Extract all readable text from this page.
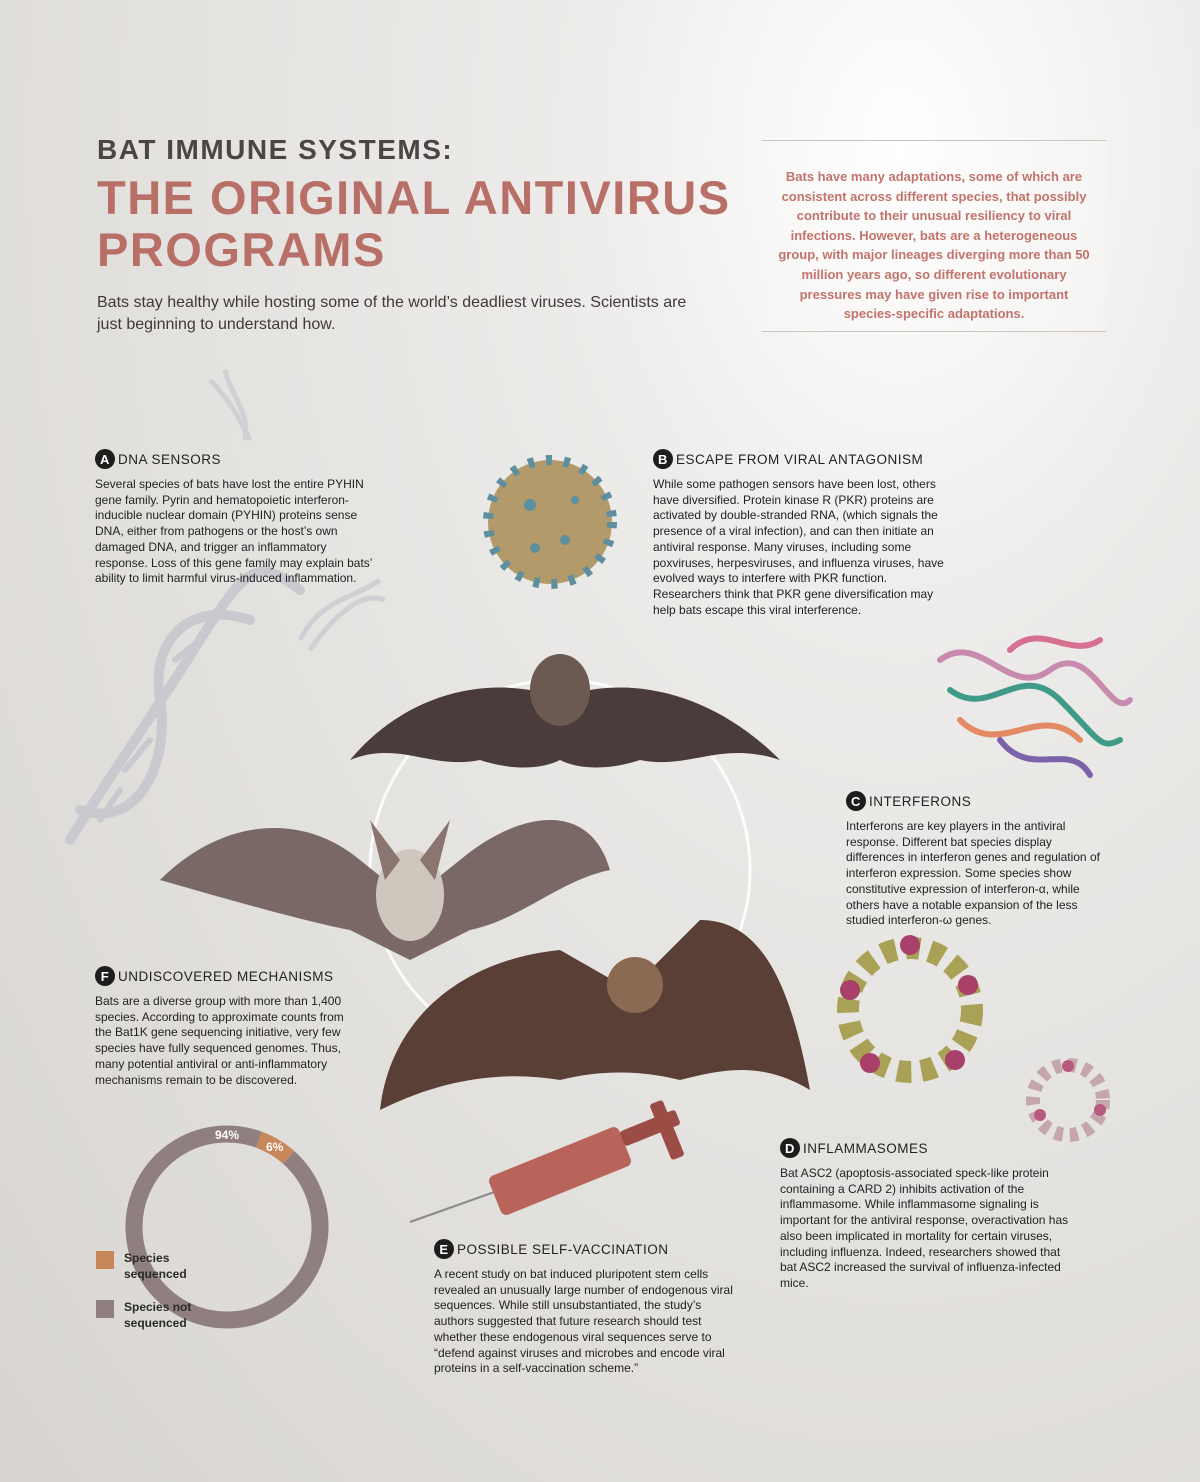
BAT IMMUNE SYSTEMS:
THE ORIGINAL ANTIVIRUS PROGRAMS
Bats stay healthy while hosting some of the world’s deadliest viruses. Scientists are just beginning to understand how.

Bats have many adaptations, some of which are consistent across different species, that possibly contribute to their unusual resiliency to viral infections. However, bats are a heterogeneous group, with major lineages diverging more than 50 million years ago, so different evolutionary pressures may have given rise to important species-specific adaptations.

A DNA SENSORS
Several species of bats have lost the entire PYHIN gene family. Pyrin and hematopoietic interferon-inducible nuclear domain (PYHIN) proteins sense DNA, either from pathogens or the host’s own damaged DNA, and trigger an inflammatory response. Loss of this gene family may explain bats’ ability to limit harmful virus-induced inflammation.
B ESCAPE FROM VIRAL ANTAGONISM
While some pathogen sensors have been lost, others have diversified. Protein kinase R (PKR) proteins are activated by double-stranded RNA, (which signals the presence of a viral infection), and can then initiate an antiviral response. Many viruses, including some poxviruses, herpesviruses, and influenza viruses, have evolved ways to interfere with PKR function. Researchers think that PKR gene diversification may help bats escape this viral interference.
C INTERFERONS
Interferons are key players in the antiviral response. Different bat species display differences in interferon genes and regulation of interferon expression. Some species show constitutive expression of interferon-α, while others have a notable expansion of the less studied interferon-ω genes.
D INFLAMMASOMES
Bat ASC2 (apoptosis-associated speck-like protein containing a CARD 2) inhibits activation of the inflammasome. While inflammasome signaling is important for the antiviral response, overactivation has also been implicated in mortality for certain viruses, including influenza. Indeed, researchers showed that bat ASC2 increased the survival of influenza-infected mice.
E POSSIBLE SELF-VACCINATION
A recent study on bat induced pluripotent stem cells revealed an unusually large number of endogenous viral sequences. While still unsubstantiated, the study’s authors suggested that future research should test whether these endogenous viral sequences serve to “defend against viruses and microbes and encode viral proteins in a self-vaccination scheme.”
F UNDISCOVERED MECHANISMS
Bats are a diverse group with more than 1,400 species. According to approximate counts from the Bat1K gene sequencing initiative, very few species have fully sequenced genomes. Thus, many potential antiviral or anti-inflammatory mechanisms remain to be discovered.
6%
94%
Species sequenced
Species not sequenced
